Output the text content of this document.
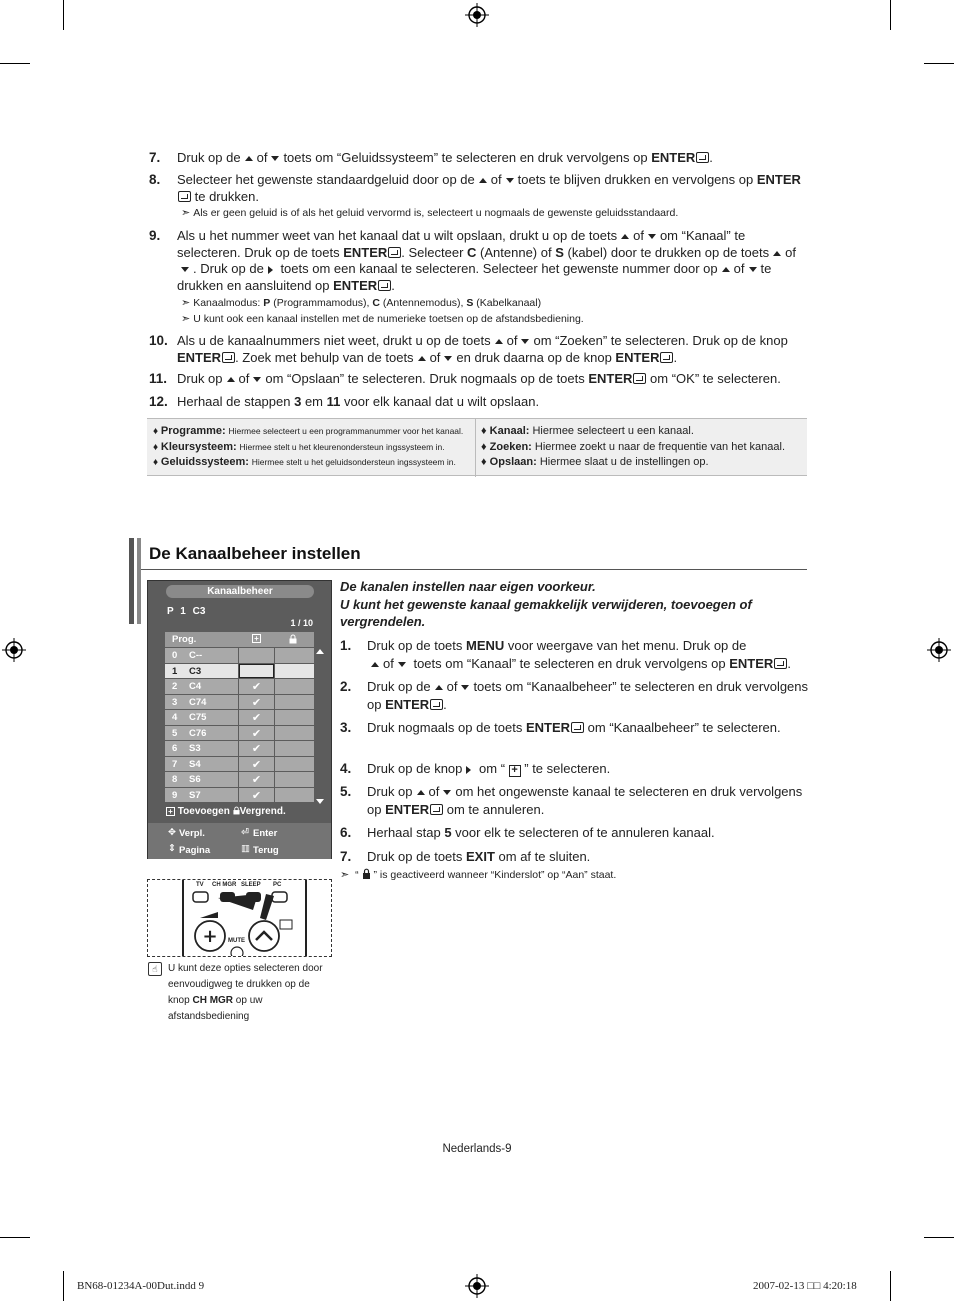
7. Druk op de of toets om “Geluidssysteem” te selecteren en druk vervolgens op ENTER .
8. Selecteer het gewenste standaardgeluid door op de of toets te blijven drukken en vervolgens op ENTER te drukken.
➣ Als er geen geluid is of als het geluid vervormd is, selecteert u nogmaals de gewenste geluidsstandaard.
9. Als u het nummer weet van het kanaal dat u wilt opslaan, drukt u op de toets of om “Kanaal” te selecteren. Druk op de toets ENTER . Selecteer C (Antenne) of S (kabel) door te drukken op de toets of. Druk op de toets om een kanaal te selecteren. Selecteer het gewenste nummer door op of te drukken en aansluitend op ENTER .
➣ Kanaalmodus: P (Programmamodus), C (Antennemodus), S (Kabelkanaal)
➣ U kunt ook een kanaal instellen met de numerieke toetsen op de afstandsbediening.
10. Als u de kanaalnummers niet weet, drukt u op de toets of om “Zoeken” te selecteren. Druk op de knop ENTER . Zoek met behulp van de toets of en druk daarna op de knop ENTER .
11. Druk op of om “Opslaan” te selecteren. Druk nogmaals op de toets ENTER om “OK” te selecteren.
12. Herhaal de stappen 3 em 11 voor elk kanaal dat u wilt opslaan.
♦ Programme: Hiermee selecteert u een programmanummer voor het kanaal.
♦ Kleursysteem: Hiermee stelt u het kleurenondersteun ingssysteem in.
♦ Geluidssysteem: Hiermee stelt u het geluidsondersteun ingssysteem in.
♦ Kanaal: Hiermee selecteert u een kanaal.
♦ Zoeken: Hiermee zoekt u naar de frequentie van het kanaal.
♦ Opslaan: Hiermee slaat u de instellingen op.
De Kanaalbeheer instellen
De kanalen instellen naar eigen voorkeur.
U kunt het gewenste kanaal gemakkelijk verwijderen, toevoegen of vergrendelen.
1. Druk op de toets MENU voor weergave van het menu. Druk op de
of toets om “Kanaal” te selecteren en druk vervolgens op ENTER .
2. Druk op de of toets om “Kanaalbeheer” te selecteren en druk vervolgens op ENTER .
3. Druk nogmaals op de toets ENTER om “Kanaalbeheer” te selecteren.
4. Druk op de knop om “ + ” te selecteren.
5. Druk op of om het ongewenste kanaal te selecteren en druk vervolgens op ENTER om te annuleren.
6. Herhaal stap 5 voor elk te selecteren of te annuleren kanaal.
7. Druk op de toets EXIT om af te sluiten.
➣ “  ” is geactiveerd wanneer “Kinderslot” op “Aan” staat.
Kanaalbeheer
P 1 C3
1 / 10
Prog.	+
0 C--
1 C3
2 C4	✔
3 C74	✔
4 C75	✔
5 C76	✔
6 S3	✔
7 S4	✔
8 S6	✔
9 S7	✔
+ Toevoegen Vergrend.
✥ Verpl.	⏎ Enter
⇕ Pagina	▥ Terug
+
TV CH MGR SLEEP PC
MUTE
☝	U kunt deze opties selecteren door eenvoudigweg te drukken op de knop CH MGR op uw afstandsbediening
Nederlands-9
BN68-01234A-00Dut.indd 9	2007-02-13 □□ 4:20:18
